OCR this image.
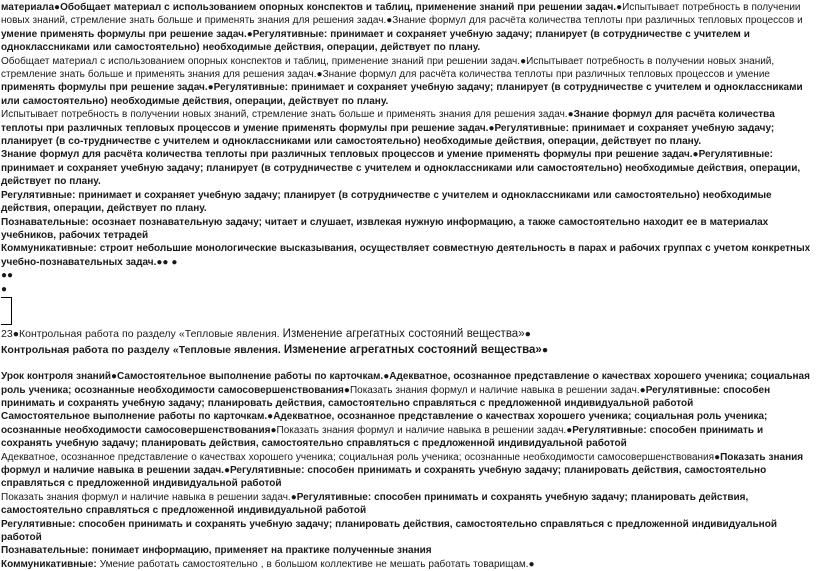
материала●Обобщает материал с использованием опорных конспектов и таблиц, применение знаний при решении задач.●Испытывает потребность в получении новых знаний, стремление знать больше и применять знания для решения задач.●Знание формул для расчёта количества теплоты при различных тепловых процессов и умение применять формулы при решение задач.●Регулятивные: принимает и сохраняет учебную задачу; планирует (в сотрудничестве с учителем и одноклассниками или самостоятельно) необходимые действия, операции, действует по плану.

Обобщает материал с использованием опорных конспектов и таблиц, применение знаний при решении задач.●Испытывает потребность в получении новых знаний, стремление знать больше и применять знания для решения задач.●Знание формул для расчёта количества теплоты при различных тепловых процессов и умение применять формулы при решение задач.●Регулятивные: принимает и сохраняет учебную задачу; планирует (в сотрудничестве с учителем и одноклассниками или самостоятельно) необходимые действия, операции, действует по плану.

Испытывает потребность в получении новых знаний, стремление знать больше и применять знания для решения задач.●Знание формул для расчёта количества теплоты при различных тепловых процессов и умение применять формулы при решение задач.●Регулятивные: принимает и сохраняет учебную задачу; планирует (в со-трудничестве с учителем и одноклассниками или самостоятельно) необходимые действия, операции, действует по плану.

Знание формул для расчёта количества теплоты при различных тепловых процессов и умение применять формулы при решение задач.●Регулятивные: принимает и сохраняет учебную задачу; планирует (в сотрудничестве с учителем и одноклассниками или самостоятельно) необходимые действия, операции, действует по плану.

Регулятивные: принимает и сохраняет учебную задачу; планирует (в сотрудничестве с учителем и одноклассниками или самостоятельно) необходимые действия, операции, действует по плану.

Познавательные: осознает познавательную задачу; читает и слушает, извлекая нужную информацию, а также самостоятельно находит ее в материалах учебников, рабочих тетрадей

Коммуникативные: строит небольшие монологические высказывания, осуществляет совместную деятельность в парах и рабочих группах с учетом конкретных учебно-познавательных задач.●● ●

●●

●

23●Контрольная работа по разделу «Тепловые явления. Изменение агрегатных состояний вещества»●

Контрольная работа по разделу «Тепловые явления. Изменение агрегатных состояний вещества»●

Урок контроля знаний●Самостоятельное выполнение работы по карточкам.●Адекватное, осознанное представление о качествах хорошего ученика; социальная роль ученика; осознанные необходимости самосовершенствования●Показать знания формул и наличие навыка в решении задач.●Регулятивные: способен принимать и сохранять учебную задачу; планировать действия, самостоятельно справляться с предложенной индивидуальной работой

Самостоятельное выполнение работы по карточкам.●Адекватное, осознанное представление о качествах хорошего ученика; социальная роль ученика; осознанные необходимости самосовершенствования●Показать знания формул и наличие навыка в решении задач.●Регулятивные: способен принимать и сохранять учебную задачу; планировать действия, самостоятельно справляться с предложенной индивидуальной работой

Адекватное, осознанное представление о качествах хорошего ученика; социальная роль ученика; осознанные необходимости самосовершенствования●Показать знания формул и наличие навыка в решении задач.●Регулятивные: способен принимать и сохранять учебную задачу; планировать действия, самостоятельно справляться с предложенной индивидуальной работой

Показать знания формул и наличие навыка в решении задач.●Регулятивные: способен принимать и сохранять учебную задачу; планировать действия, самостоятельно справляться с предложенной индивидуальной работой

Регулятивные: способен принимать и сохранять учебную задачу; планировать действия, самостоятельно справляться с предложенной индивидуальной работой

Познавательные: понимает информацию, применяет на практике полученные знания

Коммуникативные: Умение работать самостоятельно , в большом коллективе не мешать работать товарищам.●
